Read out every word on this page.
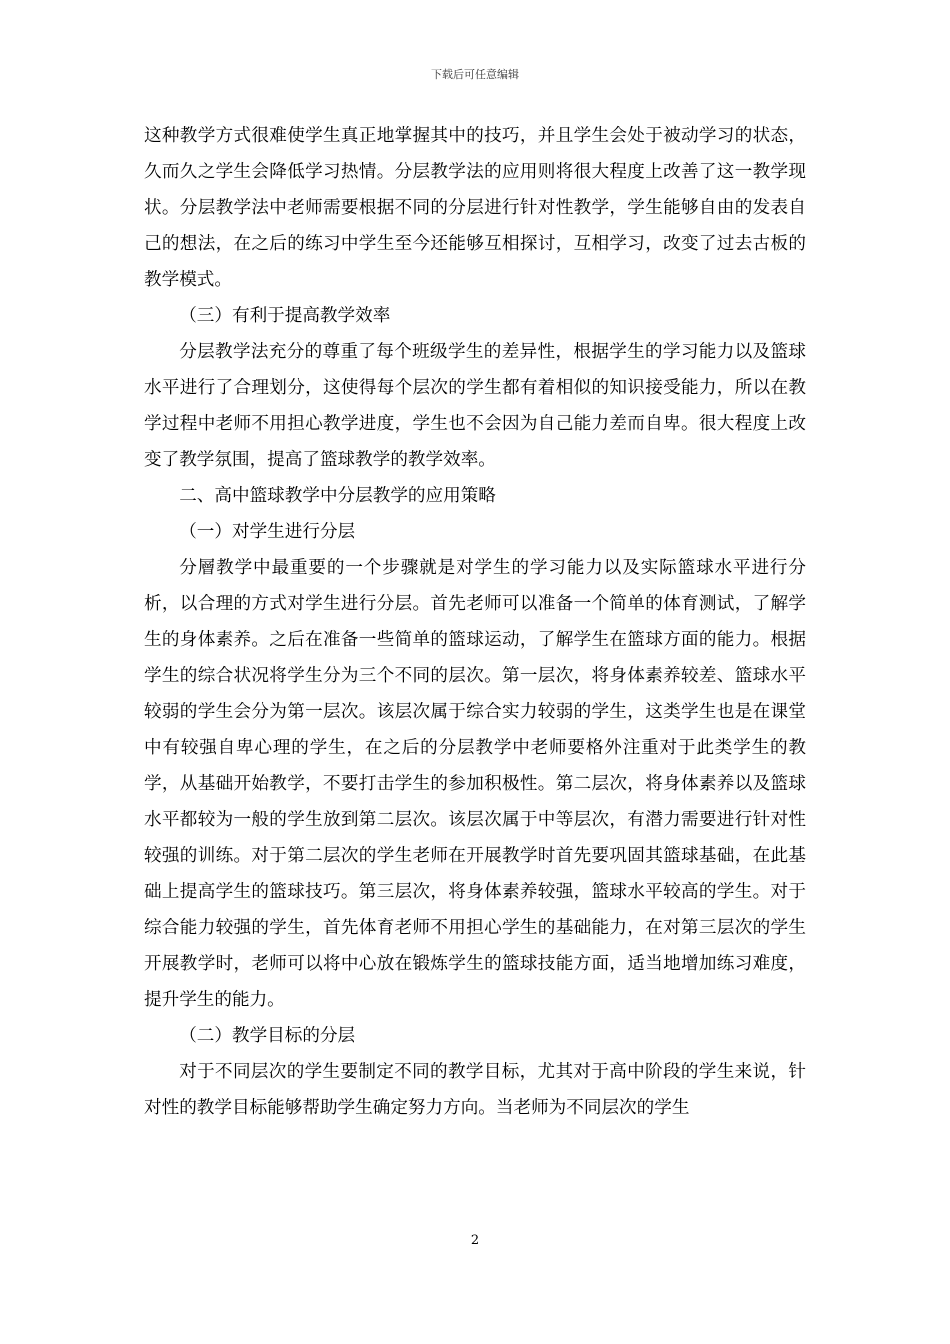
下载后可任意编辑

这种教学方式很难使学生真正地掌握其中的技巧，并且学生会处于被动学习的状态，久而久之学生会降低学习热情。分层教学法的应用则将很大程度上改善了这一教学现状。分层教学法中老师需要根据不同的分层进行针对性教学，学生能够自由的发表自己的想法，在之后的练习中学生至今还能够互相探讨，互相学习，改变了过去古板的教学模式。

（三）有利于提高教学效率

分层教学法充分的尊重了每个班级学生的差异性，根据学生的学习能力以及篮球水平进行了合理划分，这使得每个层次的学生都有着相似的知识接受能力，所以在教学过程中老师不用担心教学进度，学生也不会因为自己能力差而自卑。很大程度上改变了教学氛围，提高了篮球教学的教学效率。

二、高中篮球教学中分层教学的应用策略

（一）对学生进行分层

分層教学中最重要的一个步骤就是对学生的学习能力以及实际篮球水平进行分析，以合理的方式对学生进行分层。首先老师可以准备一个简单的体育测试，了解学生的身体素养。之后在准备一些简单的篮球运动，了解学生在篮球方面的能力。根据学生的综合状况将学生分为三个不同的层次。第一层次，将身体素养较差、篮球水平较弱的学生会分为第一层次。该层次属于综合实力较弱的学生，这类学生也是在课堂中有较强自卑心理的学生，在之后的分层教学中老师要格外注重对于此类学生的教学，从基础开始教学，不要打击学生的参加积极性。第二层次，将身体素养以及篮球水平都较为一般的学生放到第二层次。该层次属于中等层次，有潜力需要进行针对性较强的训练。对于第二层次的学生老师在开展教学时首先要巩固其篮球基础，在此基础上提高学生的篮球技巧。第三层次，将身体素养较强，篮球水平较高的学生。对于综合能力较强的学生，首先体育老师不用担心学生的基础能力，在对第三层次的学生开展教学时，老师可以将中心放在锻炼学生的篮球技能方面，适当地增加练习难度，提升学生的能力。

（二）教学目标的分层

对于不同层次的学生要制定不同的教学目标，尤其对于高中阶段的学生来说，针对性的教学目标能够帮助学生确定努力方向。当老师为不同层次的学生

2
